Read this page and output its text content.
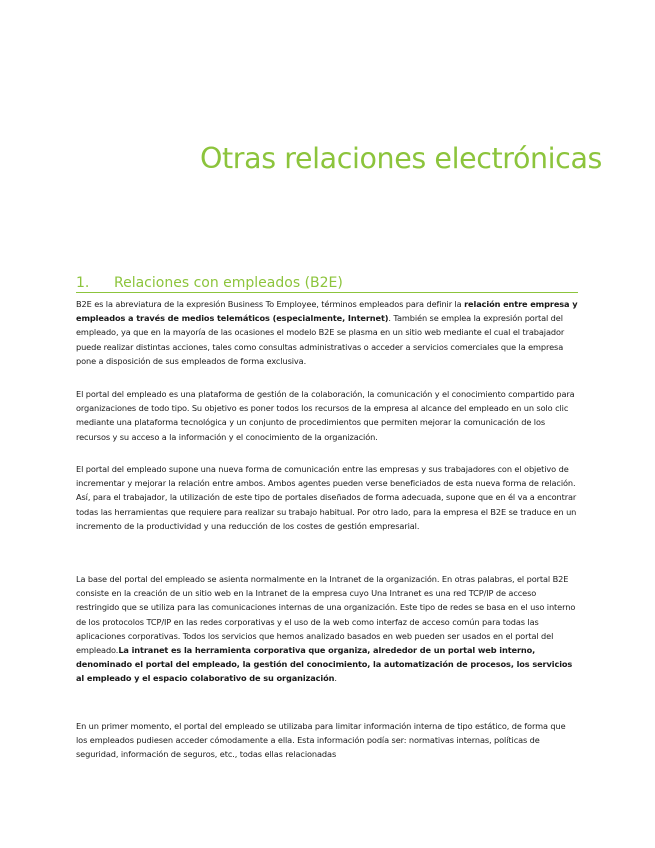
Otras relaciones electrónicas
1. Relaciones con empleados (B2E)

B2E es la abreviatura de la expresión Business To Employee, términos empleados para definir la relación entre empresa y empleados a través de medios telemáticos (especialmente, Internet). También se emplea la expresión portal del empleado, ya que en la mayoría de las ocasiones el modelo B2E se plasma en un sitio web mediante el cual el trabajador puede realizar distintas acciones, tales como consultas administrativas o acceder a servicios comerciales que la empresa pone a disposición de sus empleados de forma exclusiva.

El portal del empleado es una plataforma de gestión de la colaboración, la comunicación y el conocimiento compartido para organizaciones de todo tipo. Su objetivo es poner todos los recursos de la empresa al alcance del empleado en un solo clic mediante una plataforma tecnológica y un conjunto de procedimientos que permiten mejorar la comunicación de los recursos y su acceso a la información y el conocimiento de la organización.

El portal del empleado supone una nueva forma de comunicación entre las empresas y sus trabajadores con el objetivo de incrementar y mejorar la relación entre ambos. Ambos agentes pueden verse beneficiados de esta nueva forma de relación. Así, para el trabajador, la utilización de este tipo de portales diseñados de forma adecuada, supone que en él va a encontrar todas las herramientas que requiere para realizar su trabajo habitual. Por otro lado, para la empresa el B2E se traduce en un incremento de la productividad y una reducción de los costes de gestión empresarial.

La base del portal del empleado se asienta normalmente en la Intranet de la organización. En otras palabras, el portal B2E consiste en la creación de un sitio web en la Intranet de la empresa cuyo Una Intranet es una red TCP/IP de acceso restringido que se utiliza para las comunicaciones internas de una organización. Este tipo de redes se basa en el uso interno de los protocolos TCP/IP en las redes corporativas y el uso de la web como interfaz de acceso común para todas las aplicaciones corporativas. Todos los servicios que hemos analizado basados en web pueden ser usados en el portal del empleado.La intranet es la herramienta corporativa que organiza, alrededor de un portal web interno, denominado el portal del empleado, la gestión del conocimiento, la automatización de procesos, los servicios al empleado y el espacio colaborativo de su organización.

En un primer momento, el portal del empleado se utilizaba para limitar información interna de tipo estático, de forma que los empleados pudiesen acceder cómodamente a ella. Esta información podía ser: normativas internas, políticas de seguridad, información de seguros, etc., todas ellas relacionadas
